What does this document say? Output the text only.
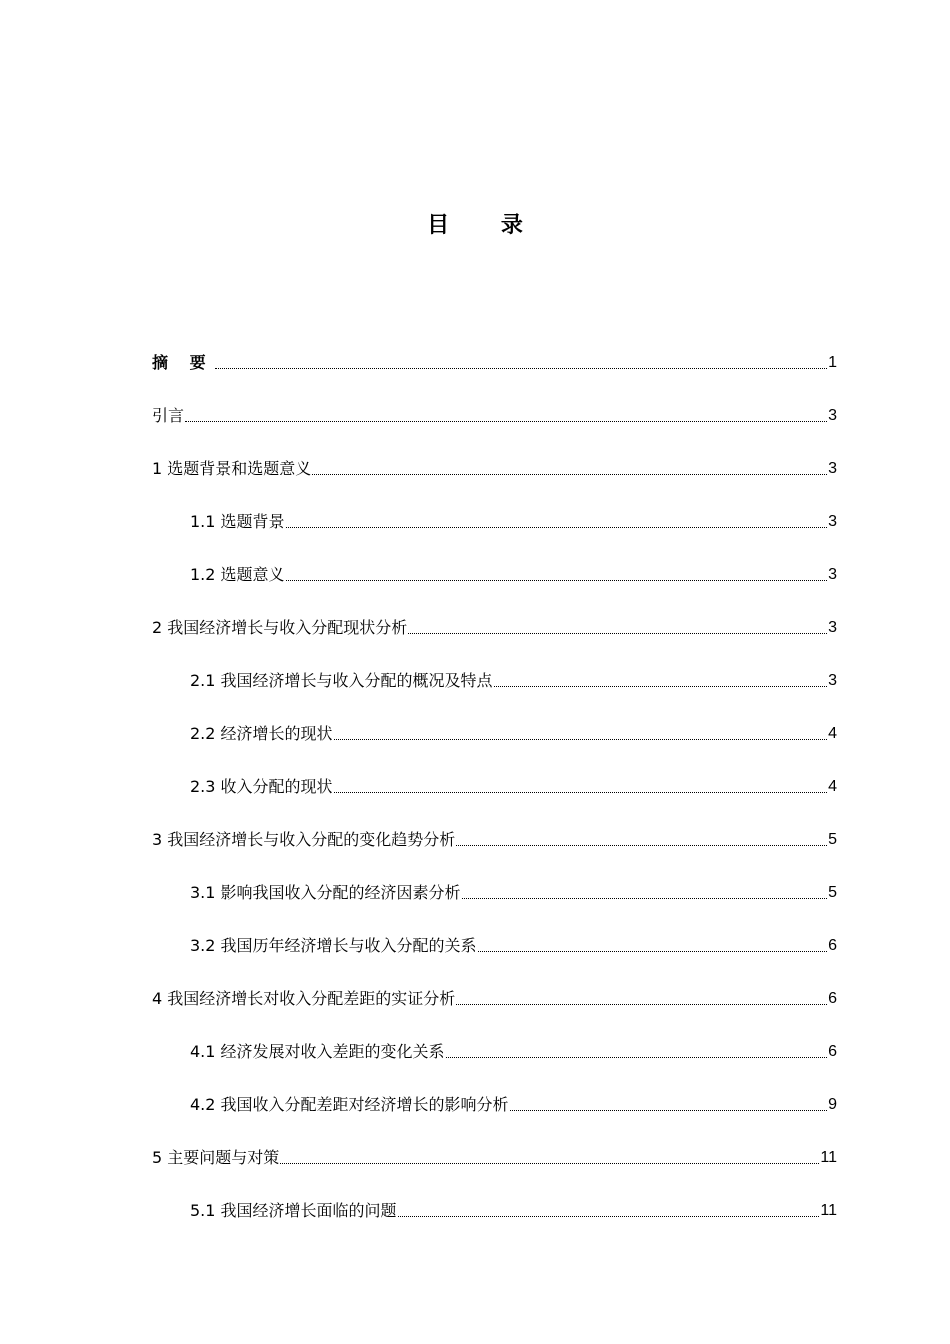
目 录
摘 要	1
引言	3
1 选题背景和选题意义	3
1.1 选题背景	3
1.2 选题意义	3
2 我国经济增长与收入分配现状分析	3
2.1 我国经济增长与收入分配的概况及特点	3
2.2 经济增长的现状	4
2.3 收入分配的现状	4
3 我国经济增长与收入分配的变化趋势分析	5
3.1 影响我国收入分配的经济因素分析	5
3.2 我国历年经济增长与收入分配的关系	6
4 我国经济增长对收入分配差距的实证分析	6
4.1 经济发展对收入差距的变化关系	6
4.2 我国收入分配差距对经济增长的影响分析	9
5 主要问题与对策	11
5.1 我国经济增长面临的问题	11
